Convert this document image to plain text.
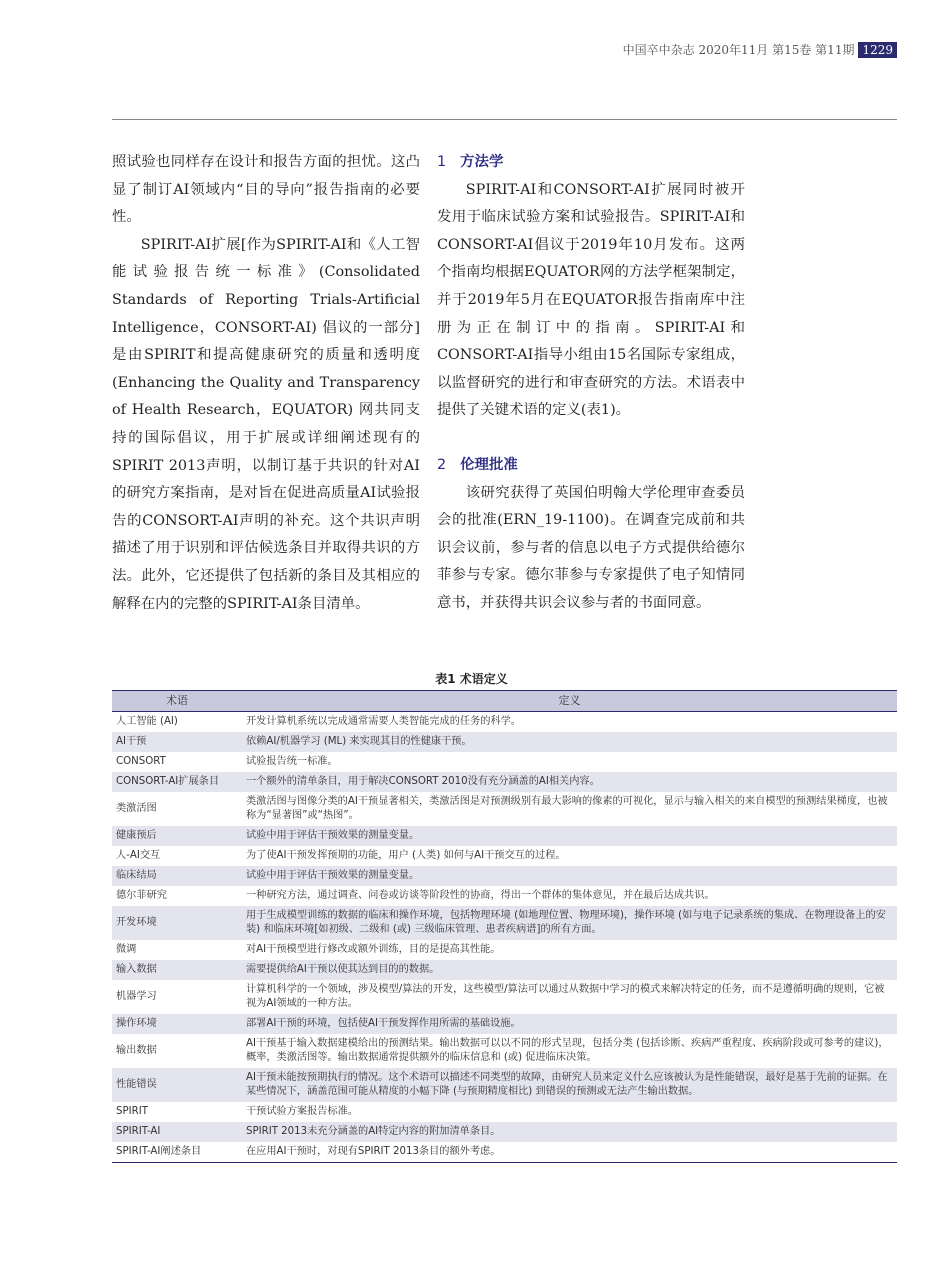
中国卒中杂志 2020年11月 第15卷 第11期 1229

照试验也同样存在设计和报告方面的担忧。这凸显了制订AI领域内“目的导向”报告指南的必要性。

SPIRIT-AI扩展[作为SPIRIT-AI和《人工智能试验报告统一标准》(Consolidated Standards of Reporting Trials-Artificial Intelligence，CONSORT-AI) 倡议的一部分]是由SPIRIT和提高健康研究的质量和透明度(Enhancing the Quality and Transparency of Health Research，EQUATOR) 网共同支持的国际倡议，用于扩展或详细阐述现有的SPIRIT 2013声明，以制订基于共识的针对AI的研究方案指南，是对旨在促进高质量AI试验报告的CONSORT-AI声明的补充。这个共识声明描述了用于识别和评估候选条目并取得共识的方法。此外，它还提供了包括新的条目及其相应的解释在内的完整的SPIRIT-AI条目清单。

1 方法学

SPIRIT-AI和CONSORT-AI扩展同时被开发用于临床试验方案和试验报告。SPIRIT-AI和CONSORT-AI倡议于2019年10月发布。这两个指南均根据EQUATOR网的方法学框架制定，并于2019年5月在EQUATOR报告指南库中注册为正在制订中的指南。SPIRIT-AI和CONSORT-AI指导小组由15名国际专家组成，以监督研究的进行和审查研究的方法。术语表中提供了关键术语的定义(表1)。

2 伦理批准

该研究获得了英国伯明翰大学伦理审查委员会的批准(ERN_19-1100)。在调查完成前和共识会议前，参与者的信息以电子方式提供给德尔菲参与专家。德尔菲参与专家提供了电子知情同意书，并获得共识会议参与者的书面同意。

表1 术语定义
术语	定义
人工智能 (AI)	开发计算机系统以完成通常需要人类智能完成的任务的科学。
AI干预	依赖AI/机器学习 (ML) 来实现其目的性健康干预。
CONSORT	试验报告统一标准。
CONSORT-AI扩展条目	一个额外的清单条目，用于解决CONSORT 2010没有充分涵盖的AI相关内容。
类激活图	类激活图与图像分类的AI干预显著相关，类激活图是对预测级别有最大影响的像素的可视化，显示与输入相关的来自模型的预测结果梯度，也被称为“显著图”或“热图”。
健康预后	试验中用于评估干预效果的测量变量。
人-AI交互	为了使AI干预发挥预期的功能，用户 (人类) 如何与AI干预交互的过程。
临床结局	试验中用于评估干预效果的测量变量。
德尔菲研究	一种研究方法，通过调查、问卷或访谈等阶段性的协商，得出一个群体的集体意见，并在最后达成共识。
开发环境	用于生成模型训练的数据的临床和操作环境，包括物理环境 (如地理位置、物理环境)，操作环境 (如与电子记录系统的集成、在物理设备上的安装) 和临床环境[如初级、二级和 (或) 三级临床管理、患者疾病谱]的所有方面。
微调	对AI干预模型进行修改或额外训练，目的是提高其性能。
输入数据	需要提供给AI干预以使其达到目的的数据。
机器学习	计算机科学的一个领域，涉及模型/算法的开发，这些模型/算法可以通过从数据中学习的模式来解决特定的任务，而不是遵循明确的规则，它被视为AI领域的一种方法。
操作环境	部署AI干预的环境，包括使AI干预发挥作用所需的基础设施。
输出数据	AI干预基于输入数据建模给出的预测结果。输出数据可以以不同的形式呈现，包括分类 (包括诊断、疾病严重程度、疾病阶段或可参考的建议)，概率，类激活图等。输出数据通常提供额外的临床信息和 (或) 促进临床决策。
性能错误	AI干预未能按预期执行的情况。这个术语可以描述不同类型的故障，由研究人员来定义什么应该被认为是性能错误，最好是基于先前的证据。在某些情况下，涵盖范围可能从精度的小幅下降 (与预期精度相比) 到错误的预测或无法产生输出数据。
SPIRIT	干预试验方案报告标准。
SPIRIT-AI	SPIRIT 2013未充分涵盖的AI特定内容的附加清单条目。
SPIRIT-AI阐述条目	在应用AI干预时，对现有SPIRIT 2013条目的额外考虑。
